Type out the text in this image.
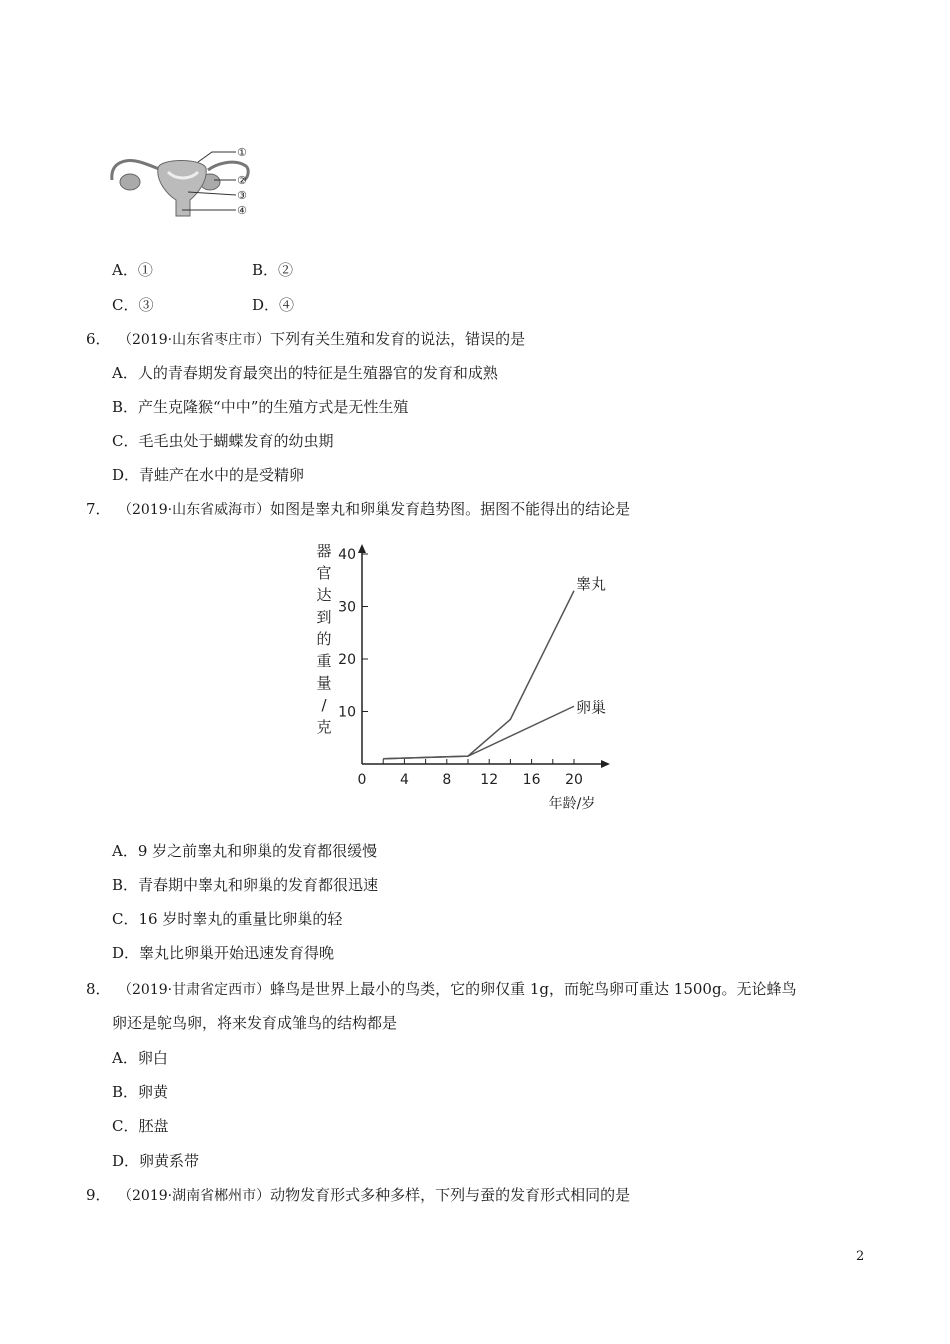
①
②
③
④
A．①	B．②
C．③	D．④
6． （2019·山东省枣庄市）下列有关生殖和发育的说法，错误的是
A．人的青春期发育最突出的特征是生殖器官的发育和成熟
B．产生克隆猴“中中”的生殖方式是无性生殖
C．毛毛虫处于蝴蝶发育的幼虫期
D．青蛙产在水中的是受精卵
7． （2019·山东省威海市）如图是睾丸和卵巢发育趋势图。据图不能得出的结论是
器
官
达
到
的
重
量
/
克
0 4 8 12 16 20
10
20
30
40
睾丸
卵巢
年龄/岁
A．9 岁之前睾丸和卵巢的发育都很缓慢
B．青春期中睾丸和卵巢的发育都很迅速
C．16 岁时睾丸的重量比卵巢的轻
D．睾丸比卵巢开始迅速发育得晚
8． （2019·甘肃省定西市）蜂鸟是世界上最小的鸟类，它的卵仅重 1g，而鸵鸟卵可重达 1500g。无论蜂鸟
卵还是鸵鸟卵，将来发育成雏鸟的结构都是
A．卵白
B．卵黄
C．胚盘
D．卵黄系带
9． （2019·湖南省郴州市）动物发育形式多种多样，下列与蚕的发育形式相同的是
2
